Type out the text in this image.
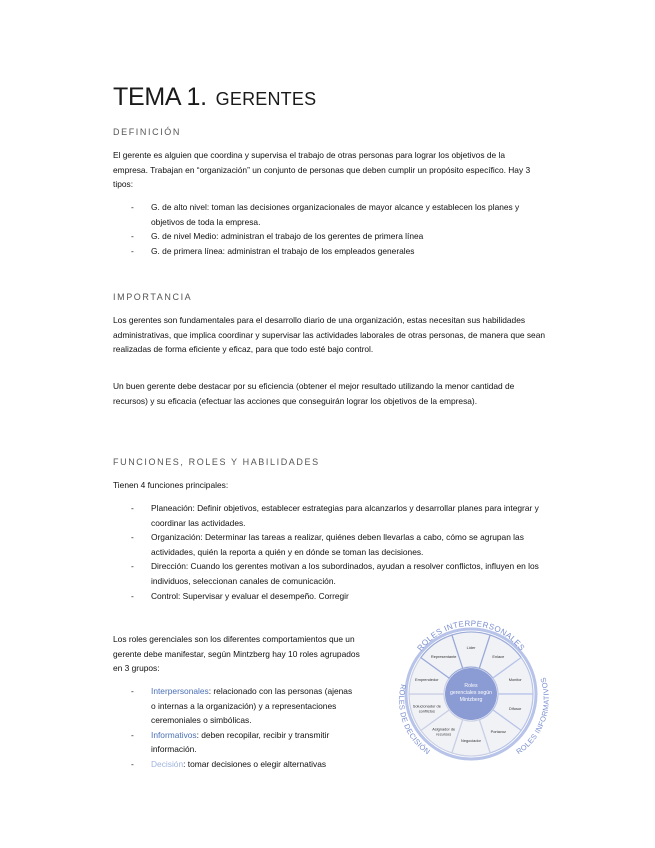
TEMA 1. GERENTES
DEFINICIÓN

El gerente es alguien que coordina y supervisa el trabajo de otras personas para lograr los objetivos de la empresa. Trabajan en “organización” un conjunto de personas que deben cumplir un propósito específico. Hay 3 tipos:

- G. de alto nivel: toman las decisiones organizacionales de mayor alcance y establecen los planes y objetivos de toda la empresa.
- G. de nivel Medio: administran el trabajo de los gerentes de primera línea
- G. de primera línea: administran el trabajo de los empleados generales
IMPORTANCIA

Los gerentes son fundamentales para el desarrollo diario de una organización, estas necesitan sus habilidades administrativas, que implica coordinar y supervisar las actividades laborales de otras personas, de manera que sean realizadas de forma eficiente y eficaz, para que todo esté bajo control.

Un buen gerente debe destacar por su eficiencia (obtener el mejor resultado utilizando la menor cantidad de recursos) y su eficacia (efectuar las acciones que conseguirán lograr los objetivos de la empresa).

FUNCIONES, ROLES Y HABILIDADES

Tienen 4 funciones principales:

- Planeación: Definir objetivos, establecer estrategias para alcanzarlos y desarrollar planes para integrar y coordinar las actividades.
- Organización: Determinar las tareas a realizar, quiénes deben llevarlas a cabo, cómo se agrupan las actividades, quién la reporta a quién y en dónde se toman las decisiones.
- Dirección: Cuando los gerentes motivan a los subordinados, ayudan a resolver conflictos, influyen en los individuos, seleccionan canales de comunicación.
- Control: Supervisar y evaluar el desempeño. Corregir

Los roles gerenciales son los diferentes comportamientos que un gerente debe manifestar, según Mintzberg hay 10 roles agrupados en 3 grupos:

- Interpersonales: relacionado con las personas (ajenas o internas a la organización) y a representaciones ceremoniales o simbólicas.
- Informativos: deben recopilar, recibir y transmitir información.
- Decisión: tomar decisiones o elegir alternativas
Roles
gerenciales según
Mintzberg
ROLES INTERPERSONALES
ROLES INFORMATIVOS
ROLES DE DECISIÓN
Líder
Enlace
Monitor
Difusor
Portavoz
Negociador
Asignador de
recursos
Solucionador de
conflictos
Emprendedor
Representante
